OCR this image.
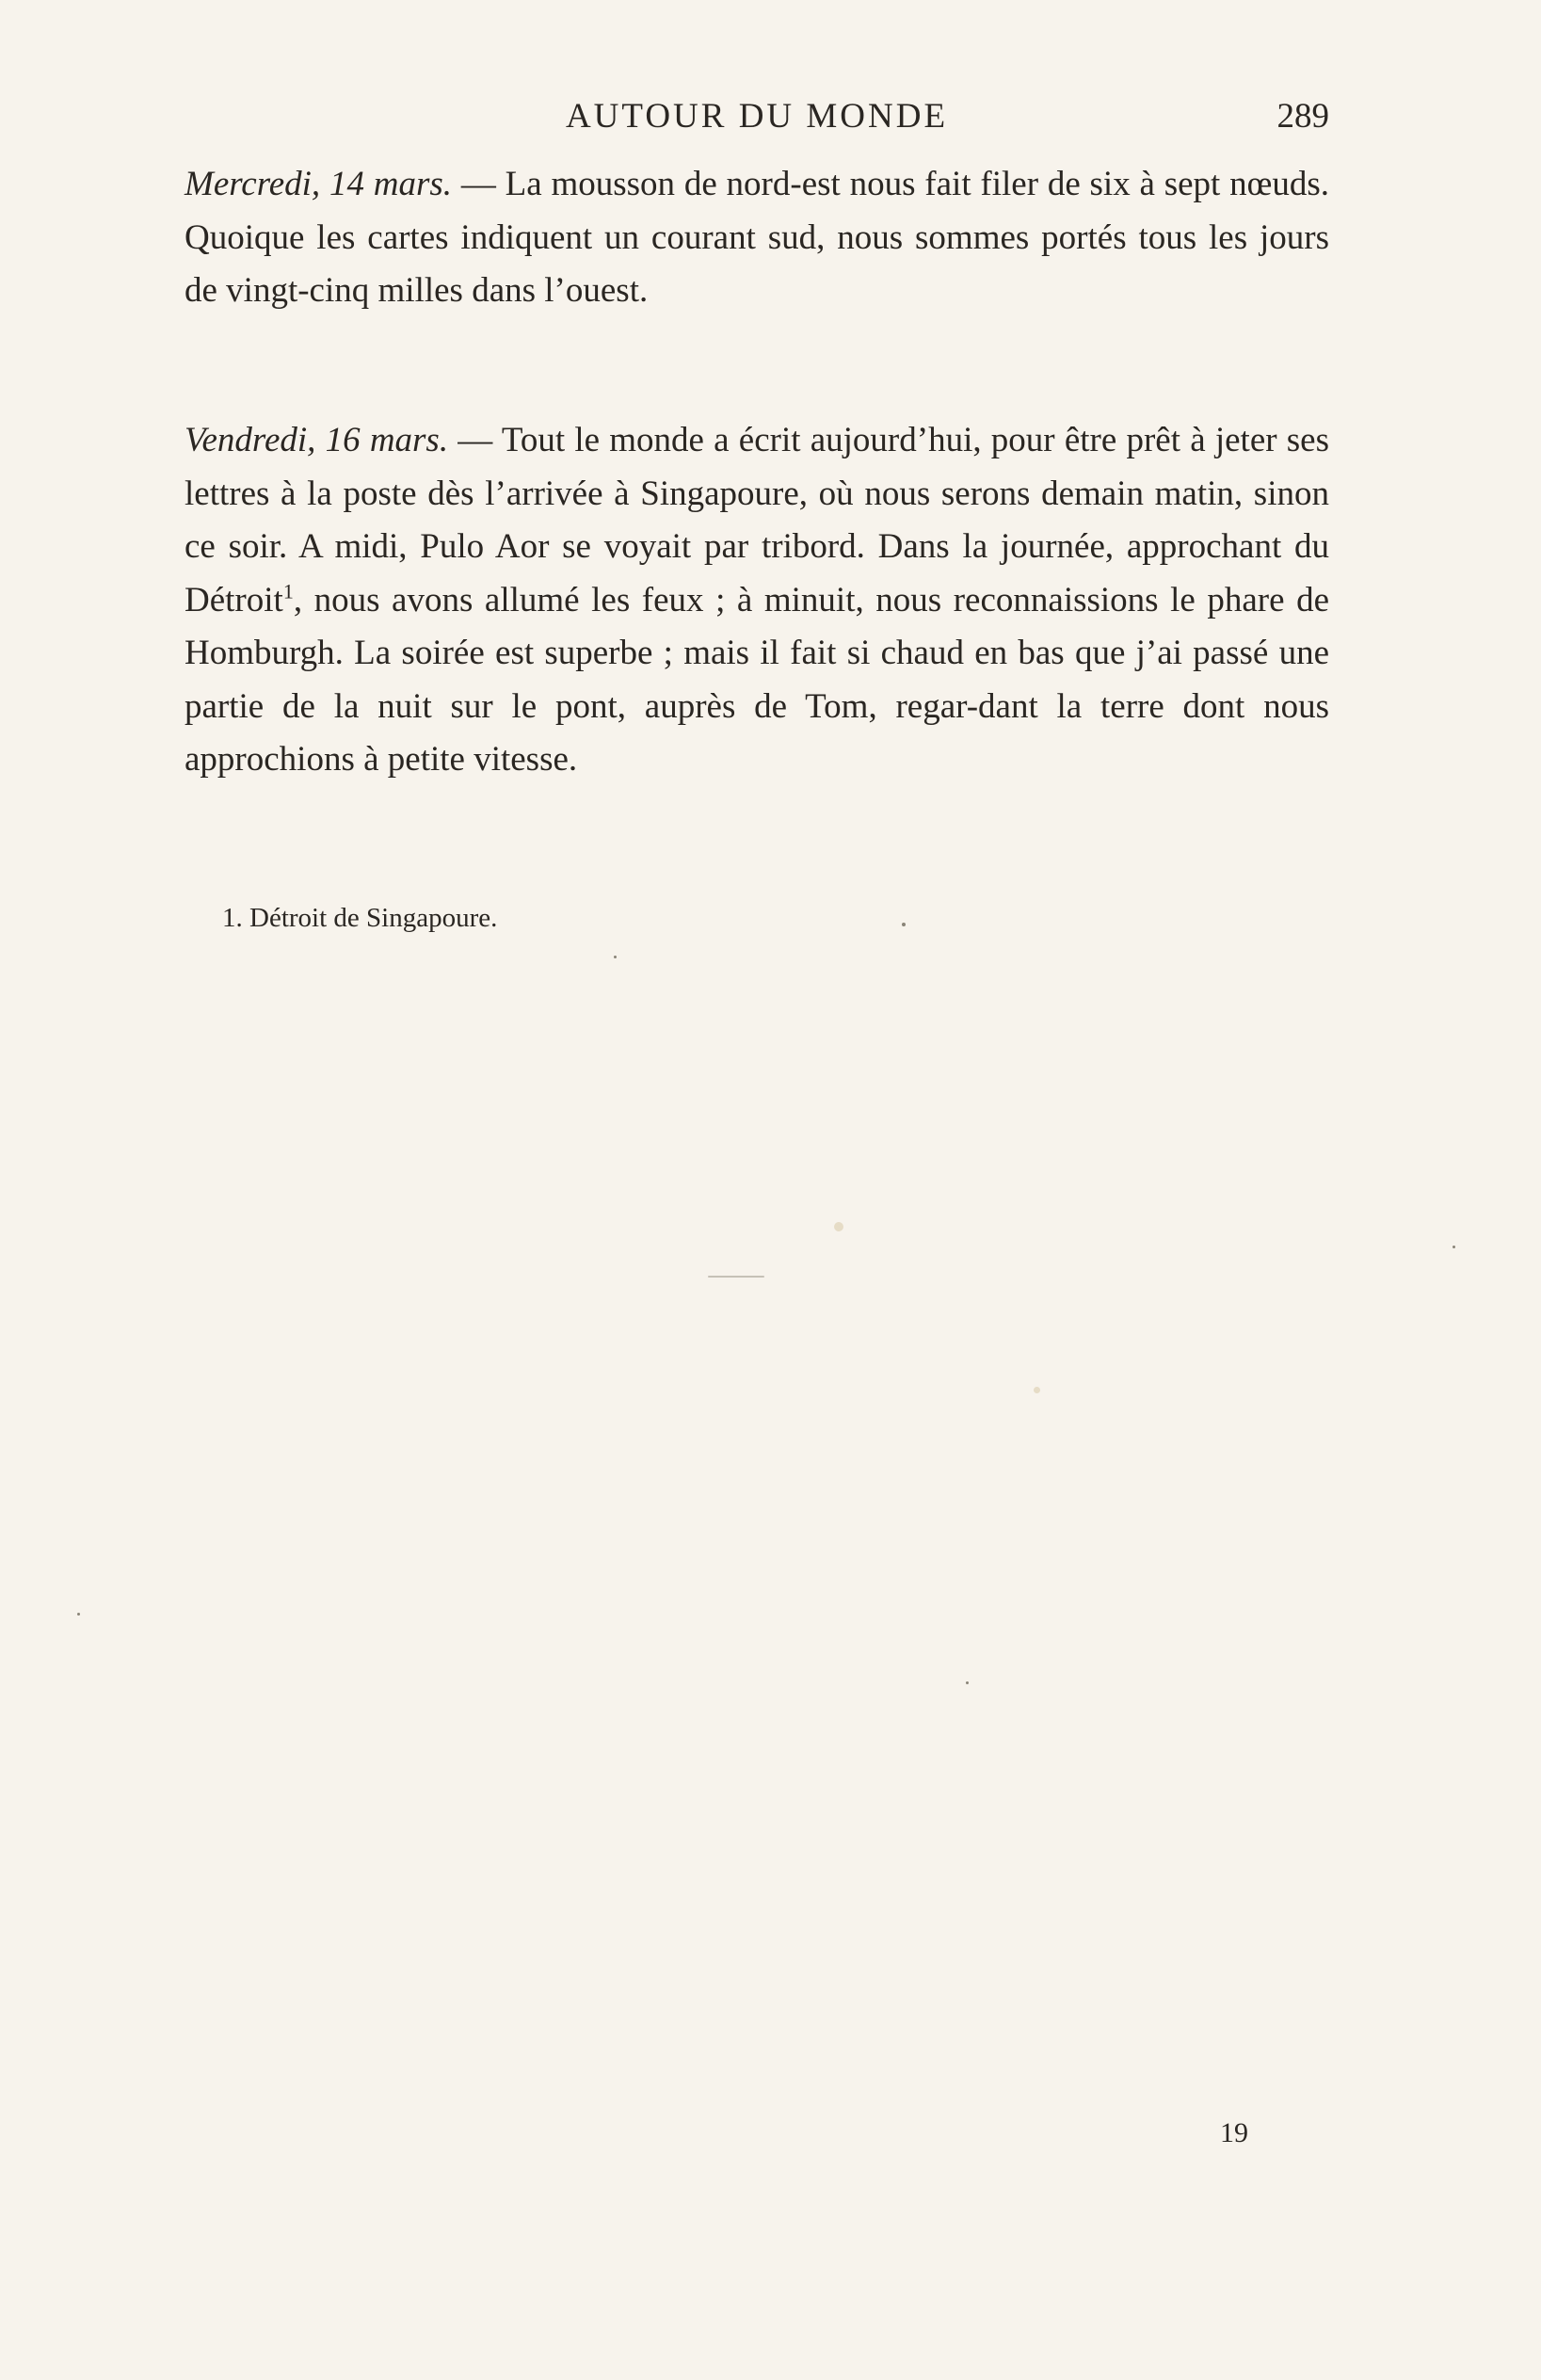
AUTOUR DU MONDE	289

Mercredi, 14 mars. — La mousson de nord-est nous fait filer de six à sept nœuds. Quoique les cartes indiquent un courant sud, nous sommes portés tous les jours de vingt-cinq milles dans l’ouest.

Vendredi, 16 mars. — Tout le monde a écrit aujourd’hui, pour être prêt à jeter ses lettres à la poste dès l’arrivée à Singapoure, où nous serons demain matin, sinon ce soir. A midi, Pulo Aor se voyait par tribord. Dans la journée, approchant du Détroit$^1$, nous avons allumé les feux ; à minuit, nous reconnaissions le phare de Homburgh. La soirée est superbe ; mais il fait si chaud en bas que j’ai passé une partie de la nuit sur le pont, auprès de Tom, regar-dant la terre dont nous approchions à petite vitesse.

1. Détroit de Singapoure.
19
